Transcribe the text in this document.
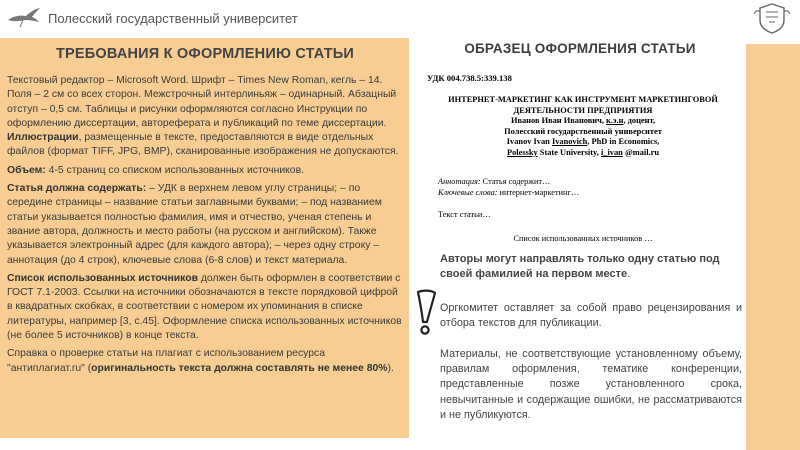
Полесский государственный университет
ТРЕБОВАНИЯ К ОФОРМЛЕНИЮ СТАТЬИ

Текстовый редактор – Microsoft Word. Шрифт – Times New Roman, кегль – 14. Поля – 2 см со всех сторон. Межстрочный интерлиньяж – одинарный. Абзацный отступ – 0,5 см. Таблицы и рисунки оформляются согласно Инструкции по оформлению диссертации, автореферата и публикаций по теме диссертации. Иллюстрации, размещенные в тексте, предоставляются в виде отдельных файлов (формат TIFF, JPG, BMP), сканированные изображения не допускаются.

Объем: 4-5 страниц со списком использованных источников.

Статья должна содержать: – УДК в верхнем левом углу страницы; – по середине страницы – название статьи заглавными буквами; – под названием статьи указывается полностью фамилия, имя и отчество, ученая степень и звание автора, должность и место работы (на русском и английском). Также указывается электронный адрес (для каждого автора); – через одну строку – аннотация (до 4 строк), ключевые слова (6-8 слов) и текст материала.

Список использованных источников должен быть оформлен в соответствии с ГОСТ 7.1-2003. Ссылки на источники обозначаются в тексте порядковой цифрой в квадратных скобках, в соответствии с номером их упоминания в списке литературы, например [3, с.45]. Оформление списка использованных источников (не более 5 источников) в конце текста.

Справка о проверке статьи на плагиат с использованием ресурса "антиплагиат.ru" (оригинальность текста должна составлять не менее 80%).

ОБРАЗЕЦ ОФОРМЛЕНИЯ СТАТЬИ
УДК 004.738.5:339.138
ИНТЕРНЕТ-МАРКЕТИНГ КАК ИНСТРУМЕНТ МАРКЕТИНГОВОЙ
ДЕЯТЕЛЬНОСТИ ПРЕДПРИЯТИЯ
Иванов Иван Иванович, к.э.н, доцент,
Полесский государственный университет
Ivanov Ivan Ivanovich, PhD in Economics,
Polessky State University, i_ivan @mail.ru
Аннотация: Статья содержит…
Ключевые слова: интернет-маркетинг…
Текст статьи…
Список использованных источников …
Авторы могут направлять только одну статью под своей фамилией на первом месте.
Оргкомитет оставляет за собой право рецензирования и отбора текстов для публикации.
Материалы, не соответствующие установленному объему, правилам оформления, тематике конференции, представленные позже установленного срока, невычитанные и содержащие ошибки, не рассматриваются и не публикуются.
